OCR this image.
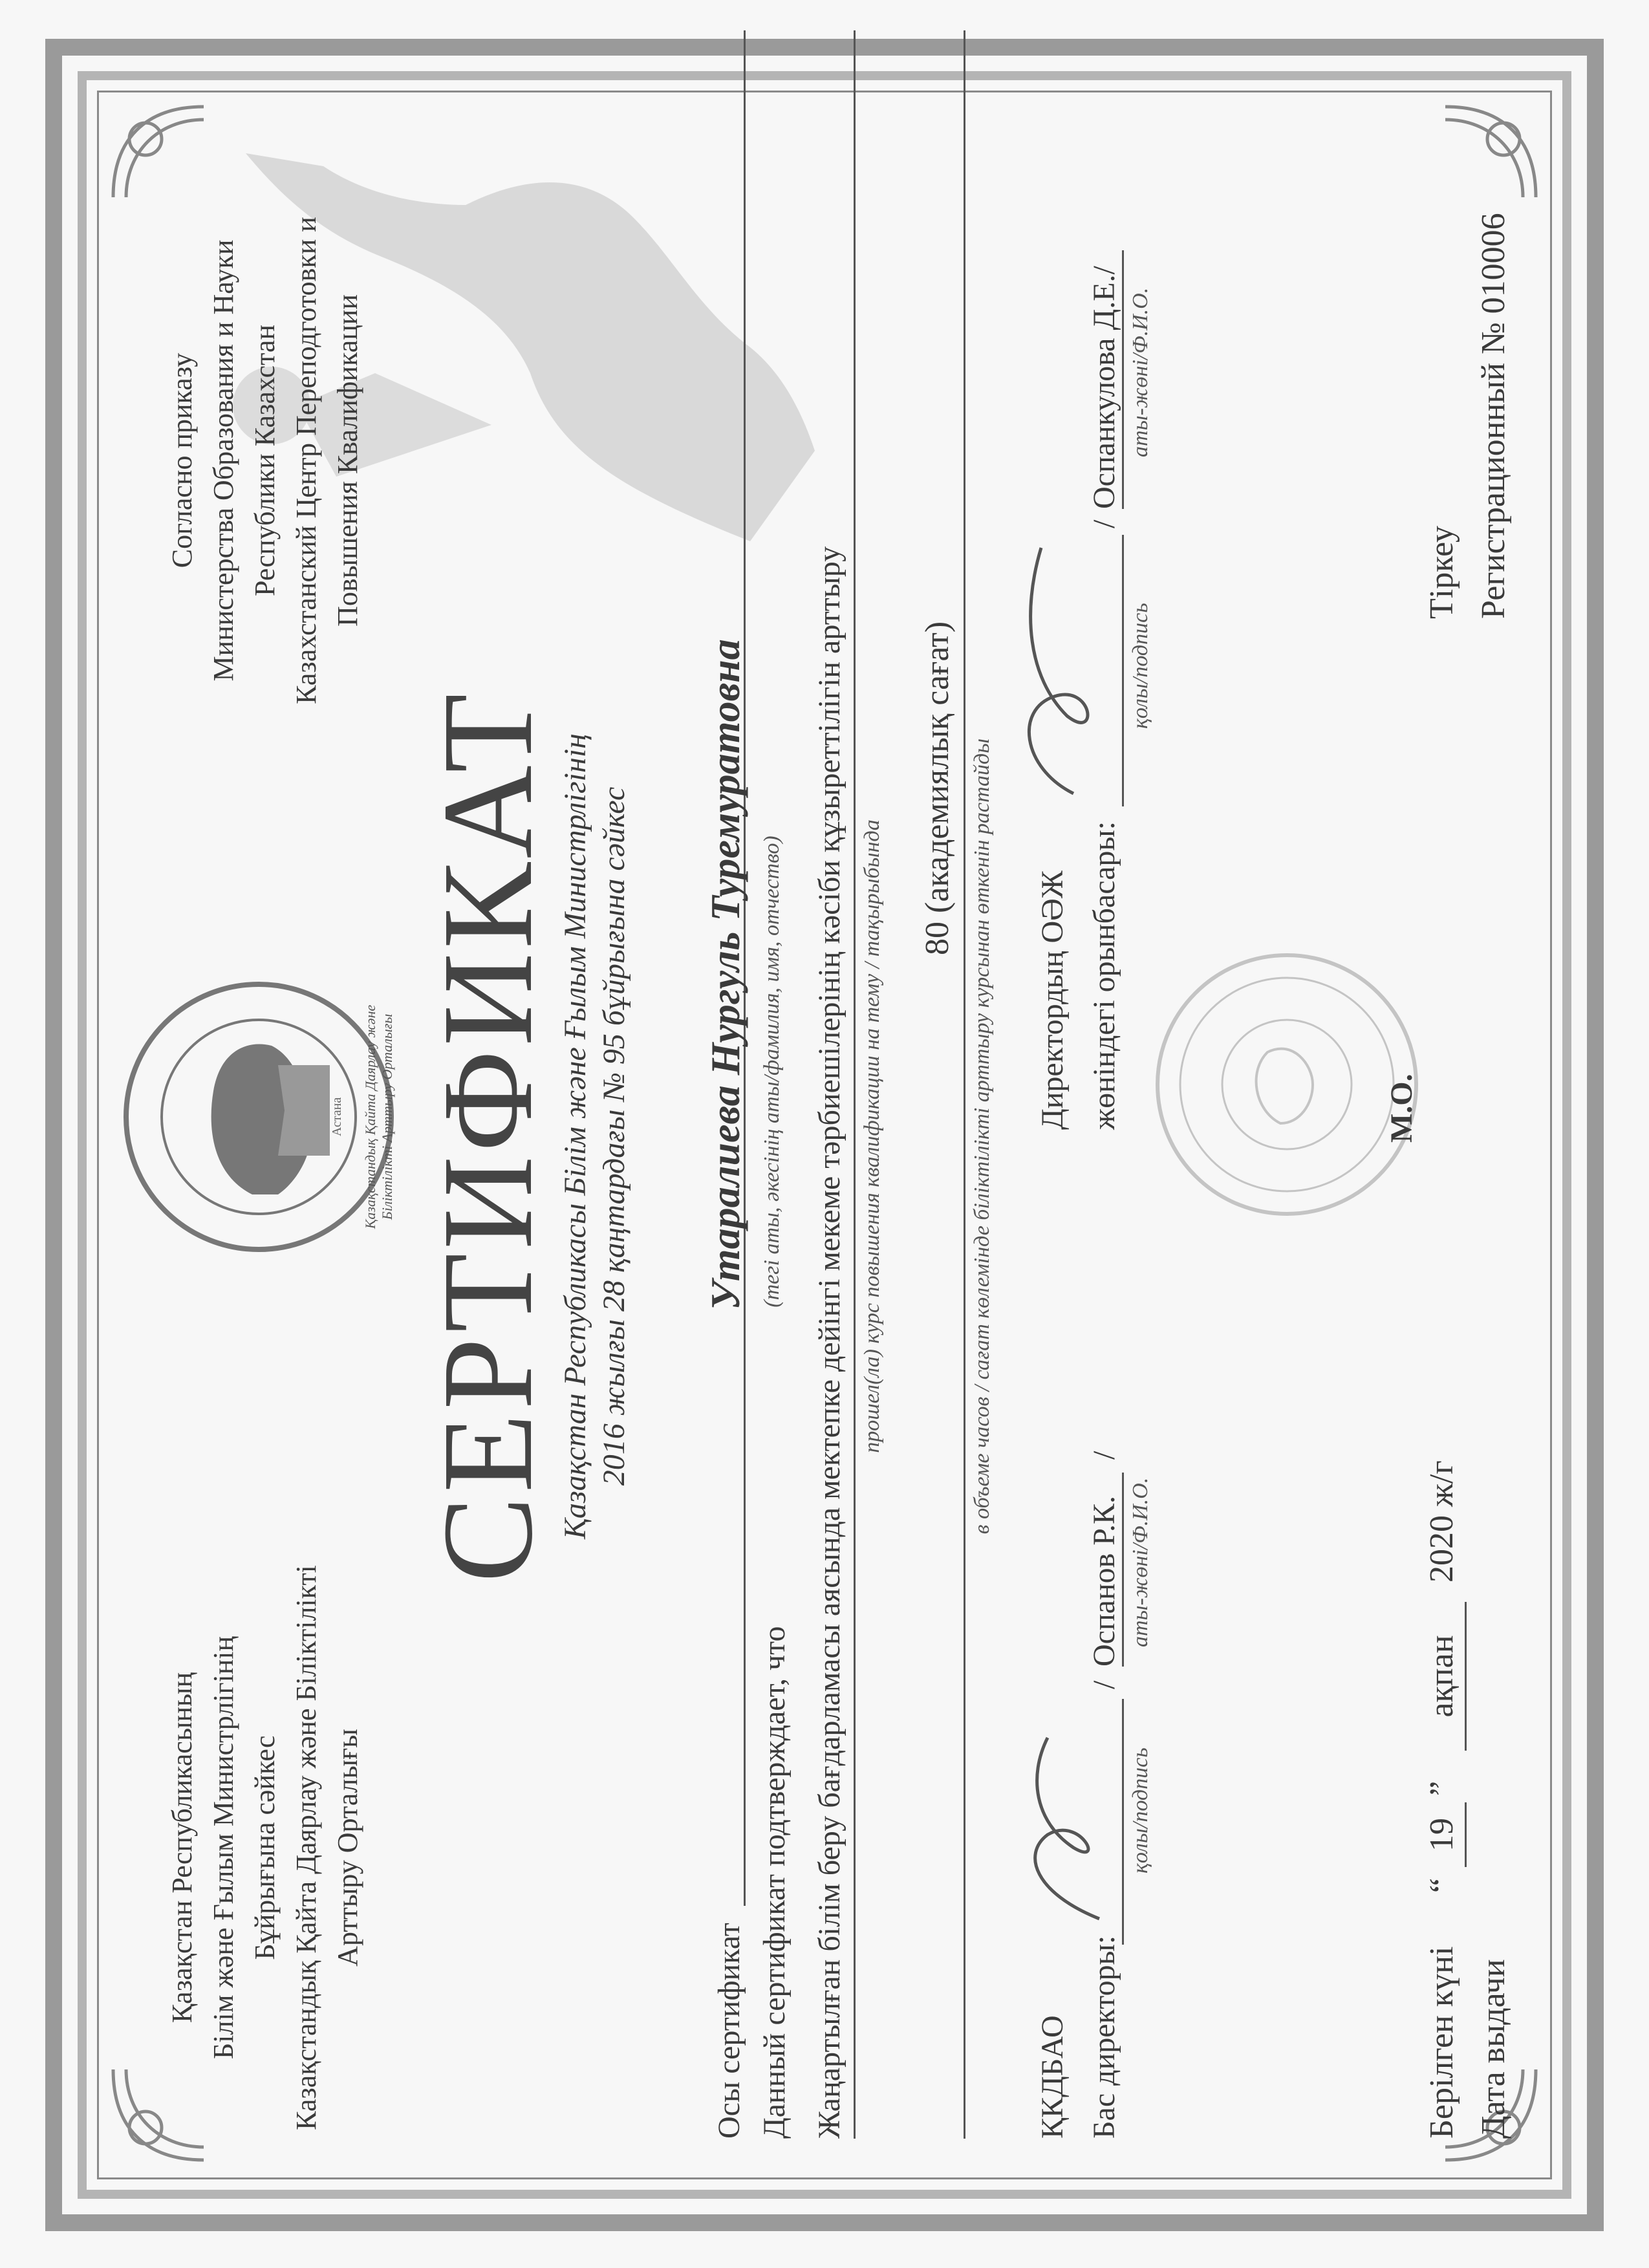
Қазақстан Республикасының Білім және Ғылым Министрлігінің Бұйрығына сәйкес Казақстандық Қайта Даярлау және Біліктілікті Арттыру Орталығы
Қазақстандық Қайта Даярлау және Біліктілікті Арттыру Орталығы
Астана
Согласно приказу Министерства Образования и Науки Республики Казахстан Казахстанский Центр Переподготовки и Повышения Квалификации
СЕРТИФИКАТ
Қазақстан Республикасы Білім және Ғылым Министрлігінің 2016 жылғы 28 қаңтардағы № 95 бұйрығына сәйкес
Осы сертификат
Утаралиева Нургуль Туремуратовна
Данный сертификат подтверждает, что
(тегі аты, әкесінің аты/фамилия, имя, отчество) Жаңартылған білім беру бағдарламасы аясында мектепке дейінгі мекеме тәрбиешілерінің кәсіби құзыреттілігін арттыру прошел(ла) курс повышения квалификации на тему / тақырыбында
80 (академиялық сағат) в объеме часов / сағат көлемінде біліктілікті арттыру курсынан өткенін растайды
ҚКДБАО Бас директоры:
қолы/подпись
/
Оспанов Р.К. аты-жөні/Ф.И.О.
/
Директордың ОӘЖ жөніндегі орынбасары:
қолы/подпись
/
Оспанкулова Д.Е./ аты-жөні/Ф.И.О.
М.О.
Берілген күні Дата выдачи
“
19
”
ақпан
2020 ж/г
Тіркеу Регистрационный № 010006
